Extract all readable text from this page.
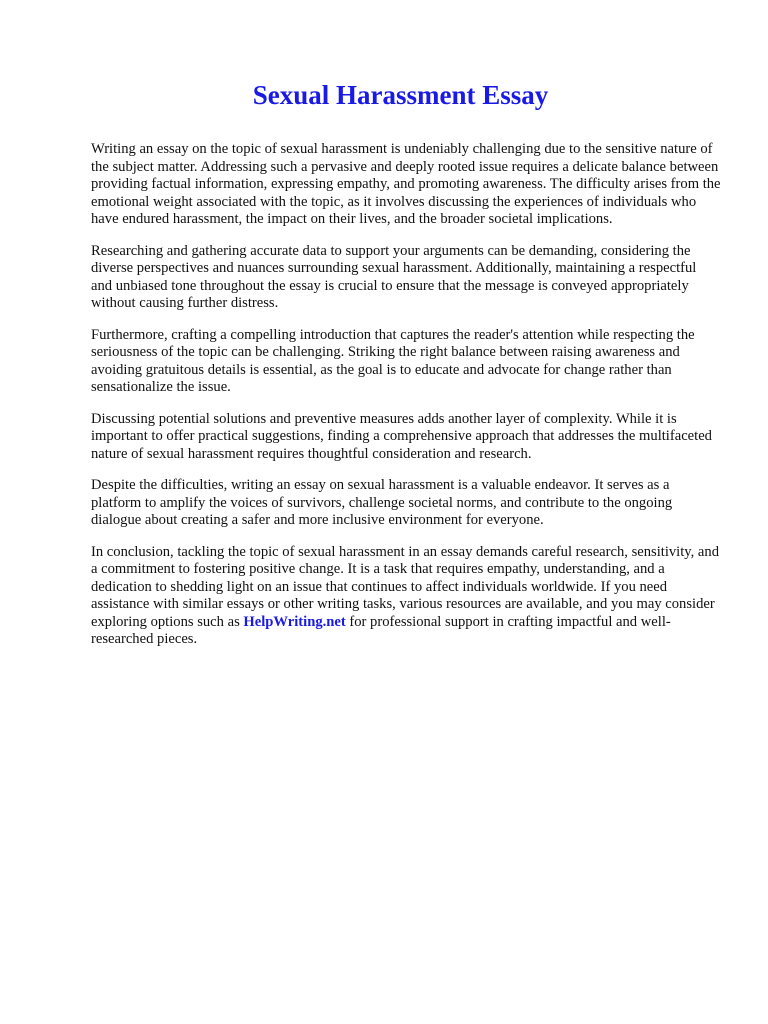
Sexual Harassment Essay

Writing an essay on the topic of sexual harassment is undeniably challenging due to the sensitive nature of the subject matter. Addressing such a pervasive and deeply rooted issue requires a delicate balance between providing factual information, expressing empathy, and promoting awareness. The difficulty arises from the emotional weight associated with the topic, as it involves discussing the experiences of individuals who have endured harassment, the impact on their lives, and the broader societal implications.

Researching and gathering accurate data to support your arguments can be demanding, considering the diverse perspectives and nuances surrounding sexual harassment. Additionally, maintaining a respectful and unbiased tone throughout the essay is crucial to ensure that the message is conveyed appropriately without causing further distress.

Furthermore, crafting a compelling introduction that captures the reader's attention while respecting the seriousness of the topic can be challenging. Striking the right balance between raising awareness and avoiding gratuitous details is essential, as the goal is to educate and advocate for change rather than sensationalize the issue.

Discussing potential solutions and preventive measures adds another layer of complexity. While it is important to offer practical suggestions, finding a comprehensive approach that addresses the multifaceted nature of sexual harassment requires thoughtful consideration and research.

Despite the difficulties, writing an essay on sexual harassment is a valuable endeavor. It serves as a platform to amplify the voices of survivors, challenge societal norms, and contribute to the ongoing dialogue about creating a safer and more inclusive environment for everyone.

In conclusion, tackling the topic of sexual harassment in an essay demands careful research, sensitivity, and a commitment to fostering positive change. It is a task that requires empathy, understanding, and a dedication to shedding light on an issue that continues to affect individuals worldwide. If you need assistance with similar essays or other writing tasks, various resources are available, and you may consider exploring options such as HelpWriting.net for professional support in crafting impactful and well-researched pieces.
